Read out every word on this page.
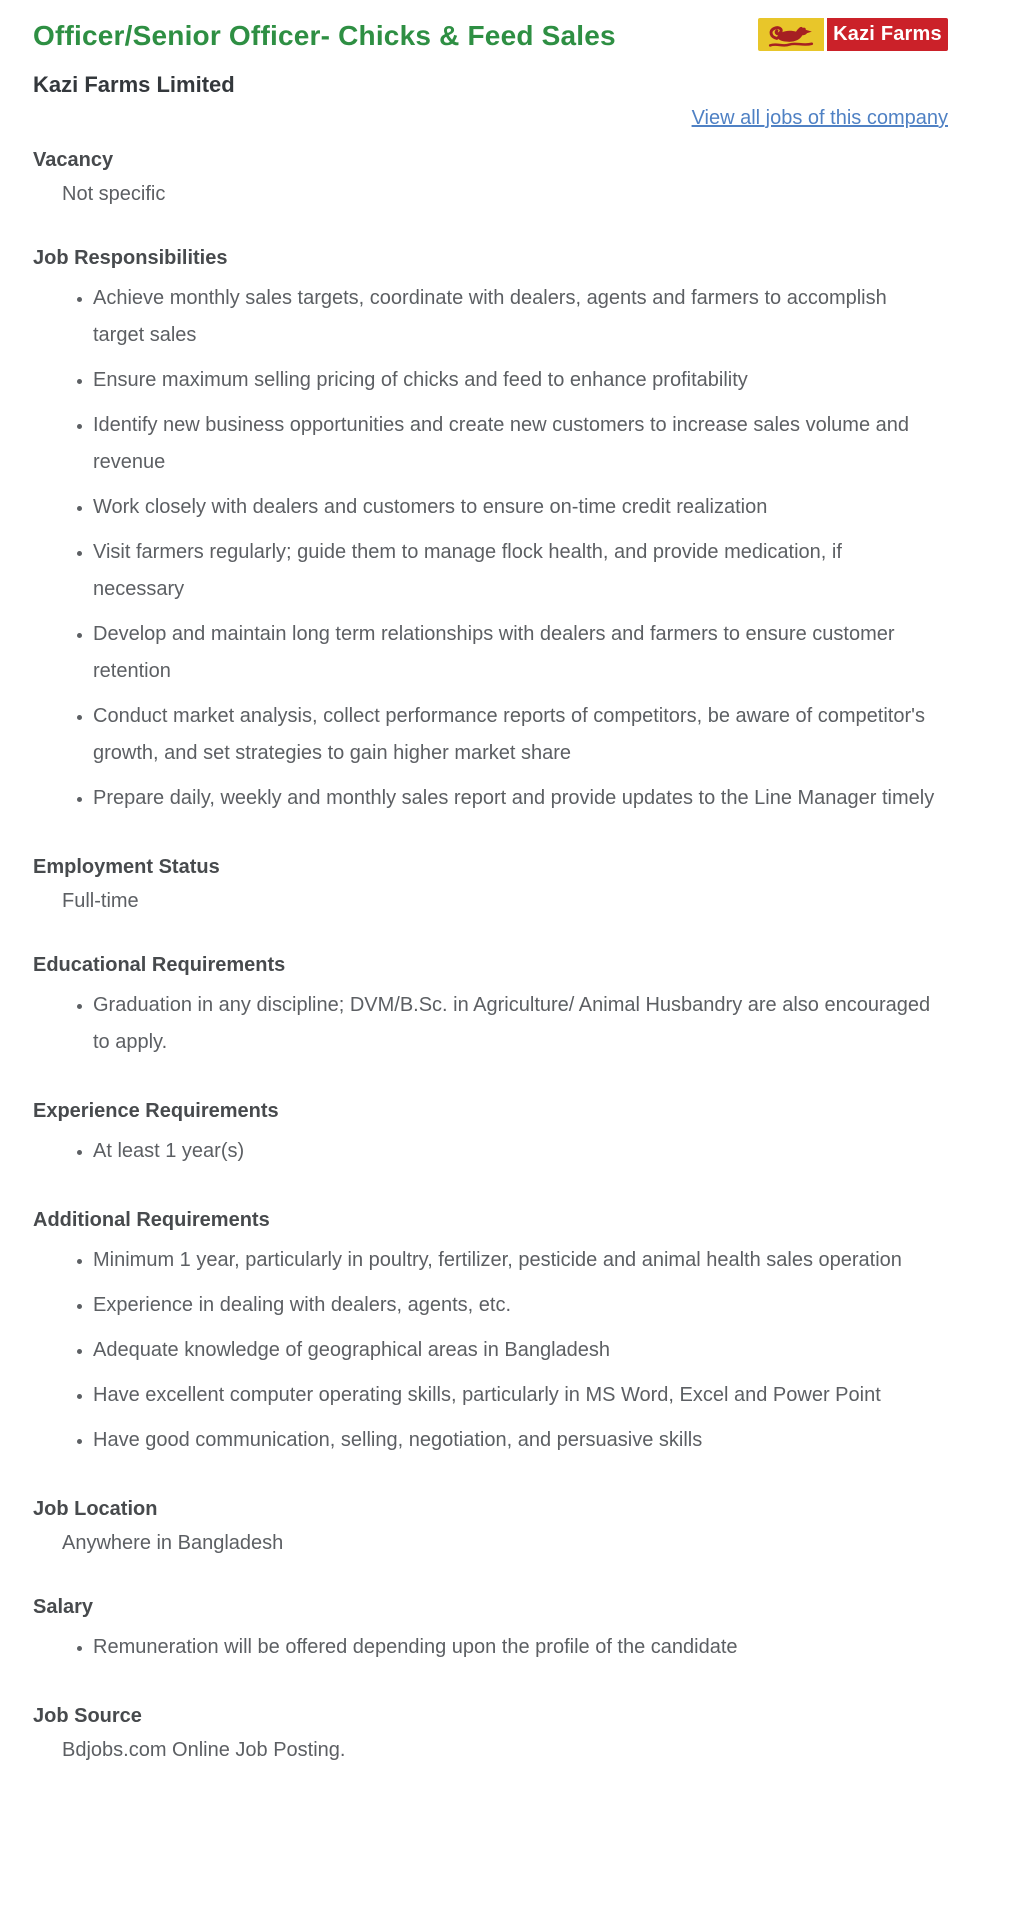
Officer/Senior Officer- Chicks & Feed Sales	Kazi Farms
Kazi Farms Limited
View all jobs of this company
Vacancy
Not specific
Job Responsibilities
• Achieve monthly sales targets, coordinate with dealers, agents and farmers to accomplish target sales
• Ensure maximum selling pricing of chicks and feed to enhance profitability
• Identify new business opportunities and create new customers to increase sales volume and revenue
• Work closely with dealers and customers to ensure on-time credit realization
• Visit farmers regularly; guide them to manage flock health, and provide medication, if necessary
• Develop and maintain long term relationships with dealers and farmers to ensure customer retention
• Conduct market analysis, collect performance reports of competitors, be aware of competitor's growth, and set strategies to gain higher market share
• Prepare daily, weekly and monthly sales report and provide updates to the Line Manager timely
Employment Status
Full-time
Educational Requirements
• Graduation in any discipline; DVM/B.Sc. in Agriculture/ Animal Husbandry are also encouraged to apply.
Experience Requirements
• At least 1 year(s)
Additional Requirements
• Minimum 1 year, particularly in poultry, fertilizer, pesticide and animal health sales operation
• Experience in dealing with dealers, agents, etc.
• Adequate knowledge of geographical areas in Bangladesh
• Have excellent computer operating skills, particularly in MS Word, Excel and Power Point
• Have good communication, selling, negotiation, and persuasive skills
Job Location
Anywhere in Bangladesh
Salary
• Remuneration will be offered depending upon the profile of the candidate
Job Source
Bdjobs.com Online Job Posting.
